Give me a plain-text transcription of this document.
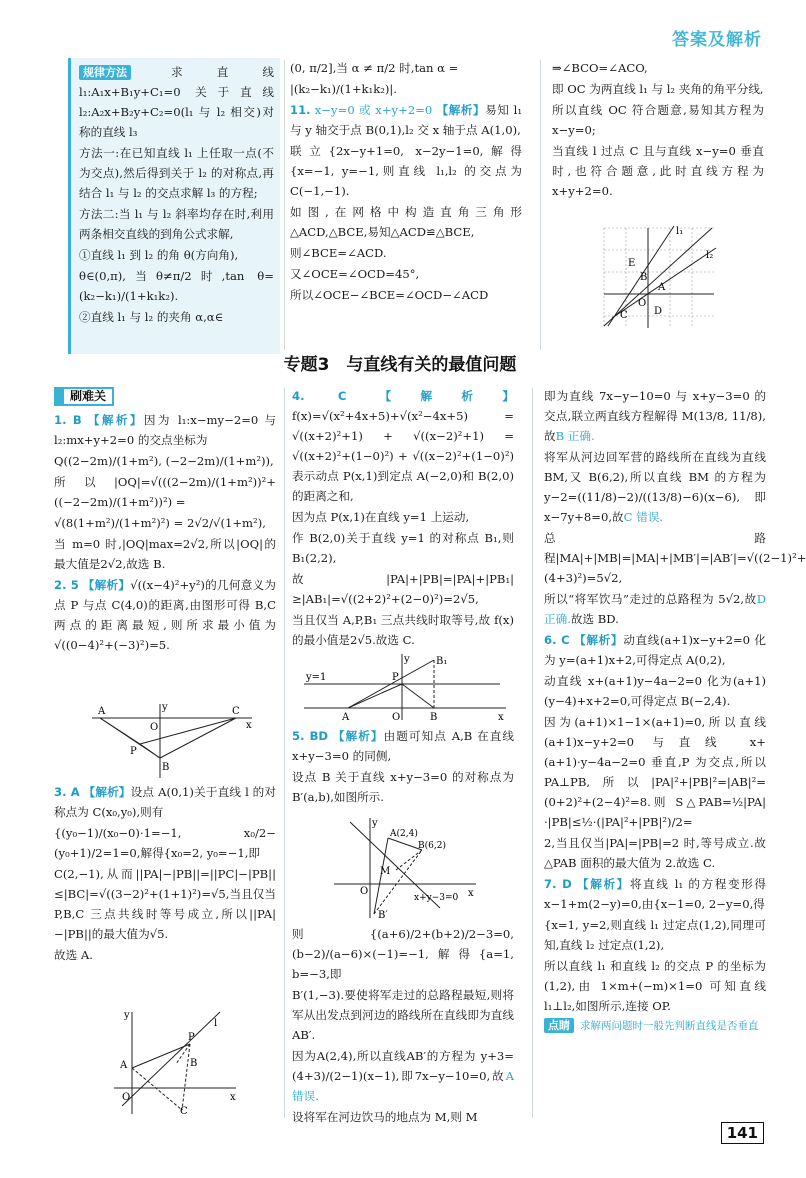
答案及解析

规律方法 求直线 l₁:A₁x+B₁y+C₁=0 关于直线 l₂:A₂x+B₂y+C₂=0(l₁ 与 l₂ 相交)对称的直线 l₃

方法一:在已知直线 l₁ 上任取一点(不为交点),然后得到关于 l₂ 的对称点,再结合 l₁ 与 l₂ 的交点求解 l₃ 的方程;

方法二:当 l₁ 与 l₂ 斜率均存在时,利用两条相交直线的到角公式求解,

①直线 l₁ 到 l₂ 的角 θ(方向角),

θ∈(0,π),当θ≠π/2时,tan θ=(k₂−k₁)/(1+k₁k₂).

②直线 l₁ 与 l₂ 的夹角 α,α∈

(0, π/2],当 α ≠ π/2 时,tan α =

|(k₂−k₁)/(1+k₁k₂)|.

11. x−y=0 或 x+y+2=0 【解析】易知 l₁ 与 y 轴交于点 B(0,1),l₂ 交 x 轴于点 A(1,0),

联立{2x−y+1=0, x−2y−1=0,解得{x=−1, y=−1,则直线 l₁,l₂ 的交点为 C(−1,−1).

如图,在网格中构造直角三角形 △ACD,△BCE,易知△ACD≌△BCE,

则∠BCE=∠ACD.

又∠OCE=∠OCD=45°,

所以∠OCE−∠BCE=∠OCD−∠ACD

⇒∠BCO=∠ACO,

即 OC 为两直线 l₁ 与 l₂ 夹角的角平分线,

所以直线 OC 符合题意,易知其方程为 x−y=0;

当直线 l 过点 C 且与直线 x−y=0 垂直时,也符合题意,此时直线方程为 x+y+2=0.

l₁
l₂
E
B
A
O
D
C
专题3　与直线有关的最值问题

刷难关

1. B 【解析】因为 l₁:x−my−2=0 与 l₂:mx+y+2=0 的交点坐标为

Q((2−2m)/(1+m²), (−2−2m)/(1+m²)),

所以|OQ|=√(((2−2m)/(1+m²))²+((−2−2m)/(1+m²))²) =

√(8(1+m²)/(1+m²)²) = 2√2/√(1+m²),

当 m=0 时,|OQ|max=2√2,所以|OQ|的最大值是2√2,故选 B.

2. 5 【解析】√((x−4)²+y²)的几何意义为点 P 与点 C(4,0)的距离,由图形可得 B,C 两点的距离最短,则所求最小值为√((0−4)²+(−3)²)=5.

A	y
O
C
x
P
B

3. A 【解析】设点 A(0,1)关于直线 l 的对称点为 C(x₀,y₀),则有

{(y₀−1)/(x₀−0)·1=−1, x₀/2−(y₀+1)/2=1=0,解得{x₀=2, y₀=−1,即

C(2,−1),从而||PA|−|PB||=||PC|−|PB||≤|BC|=√((3−2)²+(1+1)²)=√5,当且仅当 P,B,C 三点共线时等号成立,所以||PA|−|PB||的最大值为√5.

故选 A.

y
l
P
A	B
O
C
x

4. C	【解析】f(x)=√(x²+4x+5)+√(x²−4x+5) = √((x+2)²+1) + √((x−2)²+1) = √((x+2)²+(1−0)²) + √((x−2)²+(1−0)²)表示动点 P(x,1)到定点 A(−2,0)和 B(2,0)的距离之和,

因为点 P(x,1)在直线 y=1 上运动,

作 B(2,0)关于直线 y=1 的对称点 B₁,则 B₁(2,2),

故|PA|+|PB|=|PA|+|PB₁|≥|AB₁|=√((2+2)²+(2−0)²)=2√5,

当且仅当 A,P,B₁ 三点共线时取等号,故 f(x)的最小值是2√5.故选 C.

y
y=1
B₁
P
A	O	B	x

5. BD 【解析】由题可知点 A,B 在直线 x+y−3=0 的同侧,

设点 B 关于直线 x+y−3=0 的对称点为 B′(a,b),如图所示.

y
A(2,4)
B(6,2)
M
O	x
B′
x+y−3=0

则{(a+6)/2+(b+2)/2−3=0, (b−2)/(a−6)×(−1)=−1,解得{a=1, b=−3,即

B′(1,−3).要使将军走过的总路程最短,则将军从出发点到河边的路线所在直线即为直线 AB′.

因为A(2,4),所以直线AB′的方程为 y+3=(4+3)/(2−1)(x−1),即7x−y−10=0,故A 错误.

设将军在河边饮马的地点为 M,则 M

即为直线 7x−y−10=0 与 x+y−3=0 的交点,联立两直线方程解得 M(13/8, 11/8),故B 正确.

将军从河边回军营的路线所在直线为直线 BM,又 B(6,2),所以直线 BM 的方程为 y−2=((11/8)−2)/((13/8)−6)(x−6),即 x−7y+8=0,故C 错误.

总路程|MA|+|MB|=|MA|+|MB′|=|AB′|=√((2−1)²+(4+3)²)=5√2,

所以“将军饮马”走过的总路程为 5√2,故D 正确.故选 BD.

6. C 【解析】动直线(a+1)x−y+2=0 化为 y=(a+1)x+2,可得定点 A(0,2),

动直线 x+(a+1)y−4a−2=0 化为(a+1)(y−4)+x+2=0,可得定点 B(−2,4).

因为(a+1)×1−1×(a+1)=0,所以直线(a+1)x−y+2=0 与直线 x+(a+1)·y−4a−2=0 垂直,P 为交点,所以 PA⊥PB,所以|PA|²+|PB|²=|AB|²=(0+2)²+(2−4)²=8.则 S△PAB=½|PA|·|PB|≤½·(|PA|²+|PB|²)/2=

2,当且仅当|PA|=|PB|=2 时,等号成立.故△PAB 面积的最大值为 2.故选 C.

7. D 【解析】将直线 l₁ 的方程变形得 x−1+m(2−y)=0,由{x−1=0, 2−y=0,得

{x=1, y=2,则直线 l₁ 过定点(1,2),同理可知,直线 l₂ 过定点(1,2),

所以直线 l₁ 和直线 l₂ 的交点 P 的坐标为(1,2),由 1×m+(−m)×1=0 可知直线 l₁⊥l₂,如图所示,连接 OP.

点睛 求解两问题时一般先判断直线是否垂直

141
